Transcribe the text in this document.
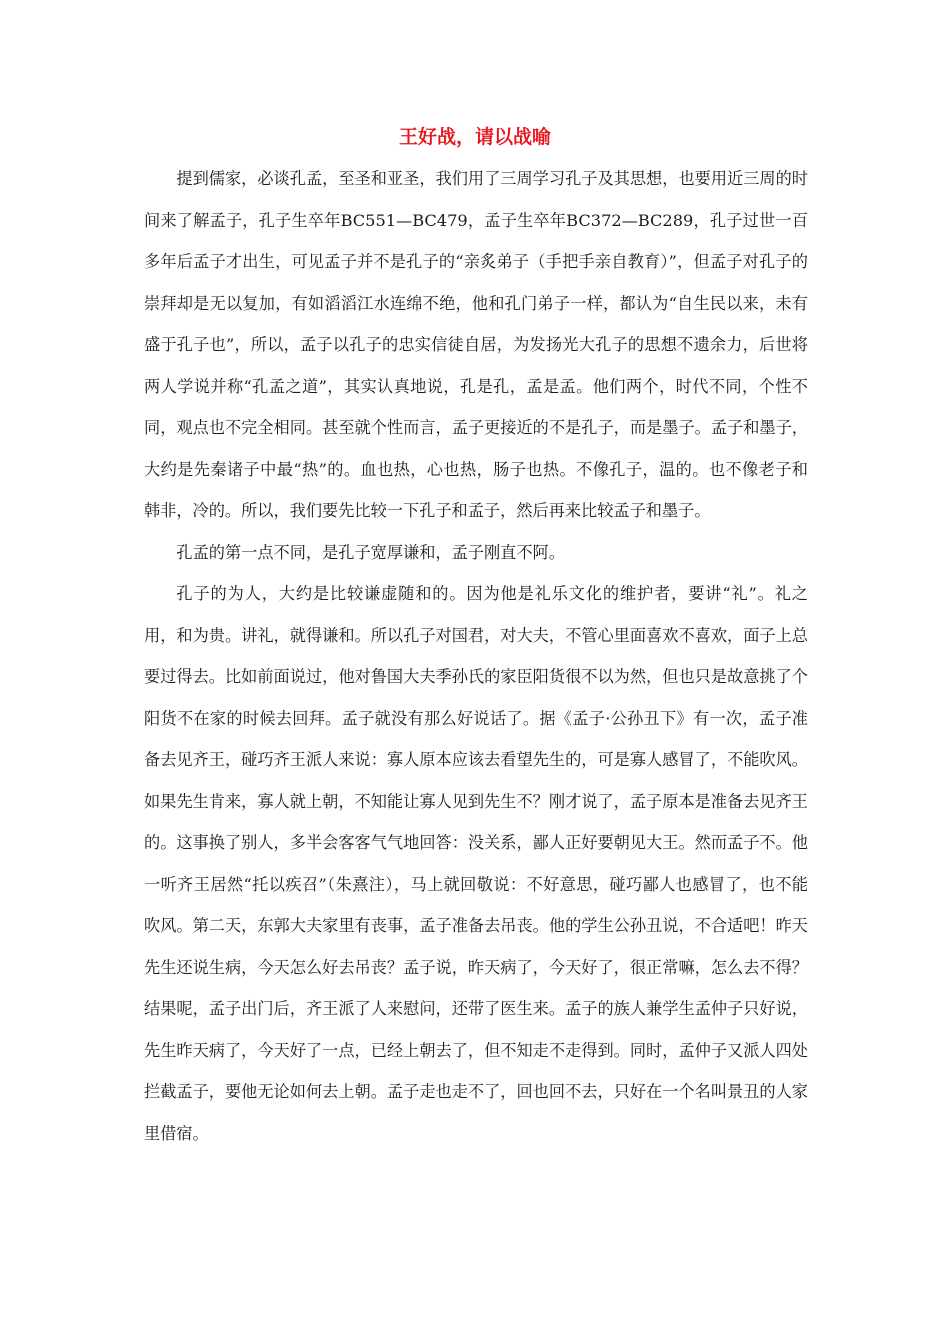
王好战，请以战喻

提到儒家，必谈孔孟，至圣和亚圣，我们用了三周学习孔子及其思想，也要用近三周的时间来了解孟子，孔子生卒年BC551—BC479，孟子生卒年BC372—BC289，孔子过世一百多年后孟子才出生，可见孟子并不是孔子的“亲炙弟子（手把手亲自教育）”，但孟子对孔子的崇拜却是无以复加，有如滔滔江水连绵不绝，他和孔门弟子一样，都认为“自生民以来，未有盛于孔子也”，所以，孟子以孔子的忠实信徒自居，为发扬光大孔子的思想不遗余力，后世将两人学说并称“孔孟之道”，其实认真地说，孔是孔，孟是孟。他们两个，时代不同，个性不同，观点也不完全相同。甚至就个性而言，孟子更接近的不是孔子，而是墨子。孟子和墨子，大约是先秦诸子中最“热”的。血也热，心也热，肠子也热。不像孔子，温的。也不像老子和韩非，冷的。所以，我们要先比较一下孔子和孟子，然后再来比较孟子和墨子。

孔孟的第一点不同，是孔子宽厚谦和，孟子刚直不阿。

孔子的为人，大约是比较谦虚随和的。因为他是礼乐文化的维护者，要讲“礼”。礼之用，和为贵。讲礼，就得谦和。所以孔子对国君，对大夫，不管心里面喜欢不喜欢，面子上总要过得去。比如前面说过，他对鲁国大夫季孙氏的家臣阳货很不以为然，但也只是故意挑了个阳货不在家的时候去回拜。孟子就没有那么好说话了。据《孟子·公孙丑下》有一次，孟子准备去见齐王，碰巧齐王派人来说：寡人原本应该去看望先生的，可是寡人感冒了，不能吹风。如果先生肯来，寡人就上朝，不知能让寡人见到先生不？刚才说了，孟子原本是准备去见齐王的。这事换了别人，多半会客客气气地回答：没关系，鄙人正好要朝见大王。然而孟子不。他一听齐王居然“托以疾召”（朱熹注），马上就回敬说：不好意思，碰巧鄙人也感冒了，也不能吹风。第二天，东郭大夫家里有丧事，孟子准备去吊丧。他的学生公孙丑说，不合适吧！昨天先生还说生病，今天怎么好去吊丧？孟子说，昨天病了，今天好了，很正常嘛，怎么去不得？结果呢，孟子出门后，齐王派了人来慰问，还带了医生来。孟子的族人兼学生孟仲子只好说，先生昨天病了，今天好了一点，已经上朝去了，但不知走不走得到。同时，孟仲子又派人四处拦截孟子，要他无论如何去上朝。孟子走也走不了，回也回不去，只好在一个名叫景丑的人家里借宿。
